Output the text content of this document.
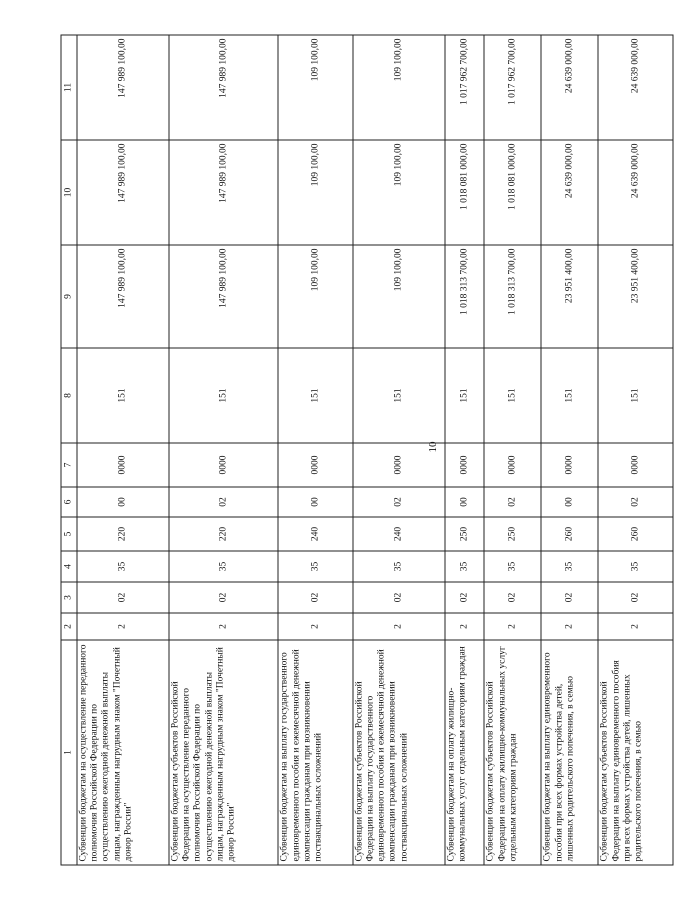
10
1	2	3	4	5	6	7	8	9	10	11
Субвенции бюджетам на осуществление переданного полномочия Российской Федерации по осуществлению ежегодной денежной выплаты лицам, награжденным нагрудным знаком "Почетный донор России"	2	02	35	220	00	0000	151	147 989 100,00	147 989 100,00	147 989 100,00
Субвенции бюджетам субъектов Российской Федерации на осуществление переданного полномочия Российской Федерации по осуществлению ежегодной денежной выплаты лицам, награжденным нагрудным знаком "Почетный донор России"	2	02	35	220	02	0000	151	147 989 100,00	147 989 100,00	147 989 100,00
Субвенции бюджетам на выплату государственного единовременного пособия и ежемесячной денежной компенсации гражданам при возникновении поствакцинальных осложнений	2	02	35	240	00	0000	151	109 100,00	109 100,00	109 100,00
Субвенции бюджетам субъектов Российской Федерации на выплату государственного единовременного пособия и ежемесячной денежной компенсации гражданам при возникновении поствакцинальных осложнений	2	02	35	240	02	0000	151	109 100,00	109 100,00	109 100,00
Субвенции бюджетам на оплату жилищно-коммунальных услуг отдельным категориям граждан	2	02	35	250	00	0000	151	1 018 313 700,00	1 018 081 000,00	1 017 962 700,00
Субвенции бюджетам субъектов Российской Федерации на оплату жилищно-коммунальных услуг отдельным категориям граждан	2	02	35	250	02	0000	151	1 018 313 700,00	1 018 081 000,00	1 017 962 700,00
Субвенции бюджетам на выплату единовременного пособия при всех формах устройства детей, лишенных родительского попечения, в семью	2	02	35	260	00	0000	151	23 951 400,00	24 639 000,00	24 639 000,00
Субвенции бюджетам субъектов Российской Федерации на выплату единовременного пособия при всех формах устройства детей, лишенных родительского попечения, в семью	2	02	35	260	02	0000	151	23 951 400,00	24 639 000,00	24 639 000,00
